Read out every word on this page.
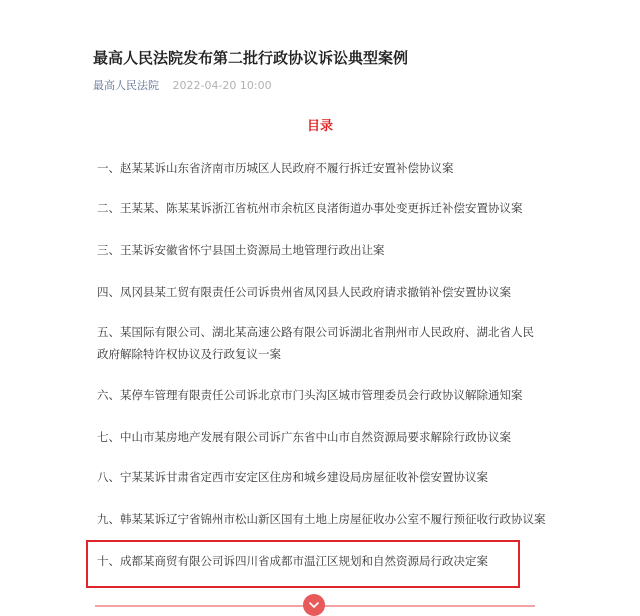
最高人民法院发布第二批行政协议诉讼典型案例
最高人民法院 2022-04-20 10:00
目录
一、赵某某诉山东省济南市历城区人民政府不履行拆迁安置补偿协议案
二、王某某、陈某某诉浙江省杭州市余杭区良渚街道办事处变更拆迁补偿安置协议案
三、王某诉安徽省怀宁县国土资源局土地管理行政出让案
四、凤冈县某工贸有限责任公司诉贵州省凤冈县人民政府请求撤销补偿安置协议案
五、某国际有限公司、湖北某高速公路有限公司诉湖北省荆州市人民政府、湖北省人民政府解除特许权协议及行政复议一案
六、某停车管理有限责任公司诉北京市门头沟区城市管理委员会行政协议解除通知案
七、中山市某房地产发展有限公司诉广东省中山市自然资源局要求解除行政协议案
八、宁某某诉甘肃省定西市安定区住房和城乡建设局房屋征收补偿安置协议案
九、韩某某诉辽宁省锦州市松山新区国有土地上房屋征收办公室不履行预征收行政协议案
十、成都某商贸有限公司诉四川省成都市温江区规划和自然资源局行政决定案
